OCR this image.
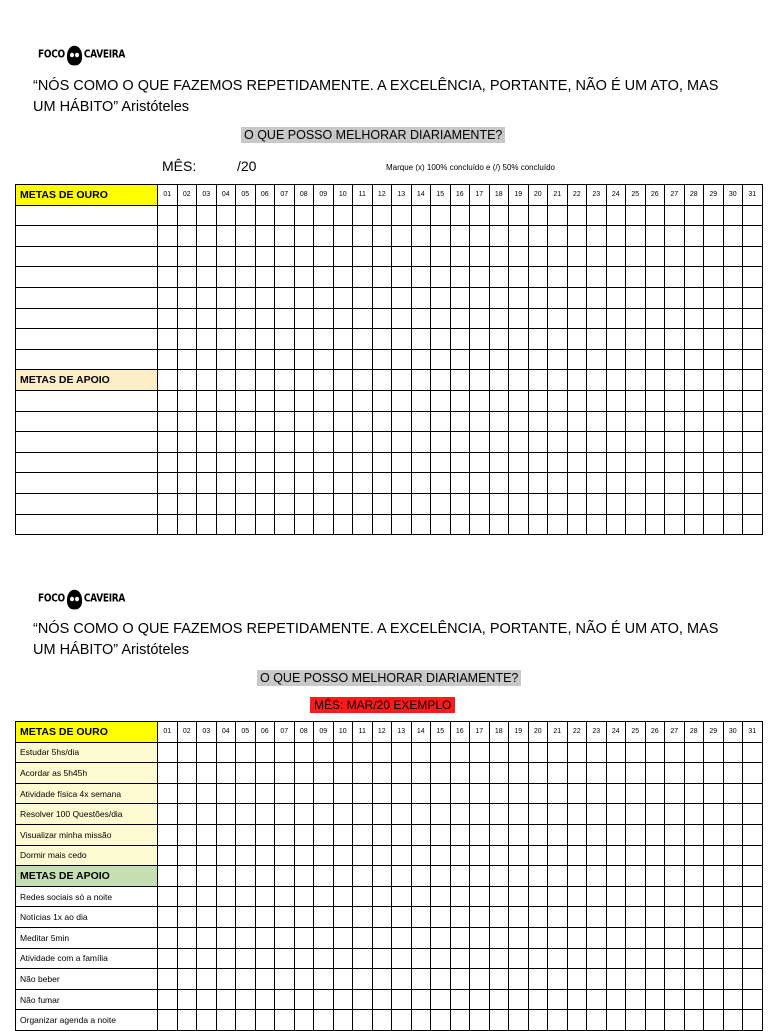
FOCO CAVEIRA
“NÓS COMO O QUE FAZEMOS REPETIDAMENTE. A EXCELÊNCIA, PORTANTE, NÃO É UM ATO, MAS UM HÁBITO” Aristóteles
O QUE POSSO MELHORAR DIARIAMENTE?
MÊS:	/20	Marque (x) 100% concluído e (/) 50% concluído
METAS DE OURO	01	02	03	04	05	06	07	08	09	10	11	12	13	14	15	16	17	18	19	20	21	22	23	24	25	26	27	28	29	30	31

METAS DE APOIO																															

FOCO CAVEIRA
“NÓS COMO O QUE FAZEMOS REPETIDAMENTE. A EXCELÊNCIA, PORTANTE, NÃO É UM ATO, MAS UM HÁBITO” Aristóteles
O QUE POSSO MELHORAR DIARIAMENTE?
MÊS: MAR/20 EXEMPLO
METAS DE OURO	01	02	03	04	05	06	07	08	09	10	11	12	13	14	15	16	17	18	19	20	21	22	23	24	25	26	27	28	29	30	31
Estudar 5hs/dia																															
Acordar as 5h45h																															
Atividade física 4x semana																															
Resolver 100 Questões/dia																															
Visualizar minha missão																															
Dormir mais cedo																															
METAS DE APOIO																															
Redes sociais só a noite																															
Notícias 1x ao dia																															
Meditar 5min																															
Atividade com a família																															
Não beber																															
Não fumar																															
Organizar agenda a noite																															
